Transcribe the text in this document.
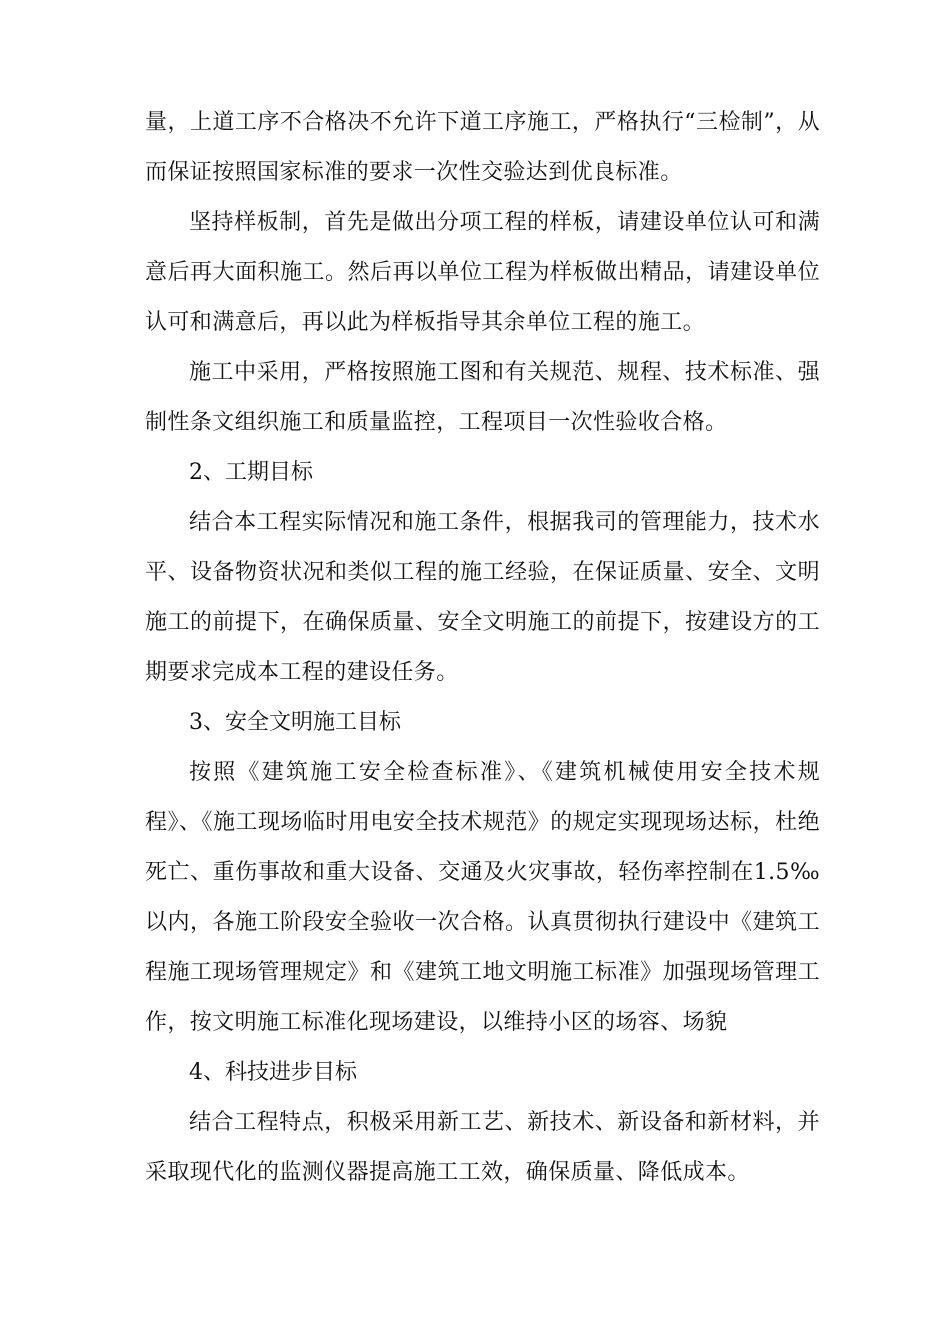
量，上道工序不合格决不允许下道工序施工，严格执行“三检制”，从而保证按照国家标准的要求一次性交验达到优良标准。

坚持样板制，首先是做出分项工程的样板，请建设单位认可和满意后再大面积施工。然后再以单位工程为样板做出精品，请建设单位认可和满意后，再以此为样板指导其余单位工程的施工。

施工中采用，严格按照施工图和有关规范、规程、技术标准、强制性条文组织施工和质量监控，工程项目一次性验收合格。

2、工期目标

结合本工程实际情况和施工条件，根据我司的管理能力，技术水平、设备物资状况和类似工程的施工经验，在保证质量、安全、文明施工的前提下，在确保质量、安全文明施工的前提下，按建设方的工期要求完成本工程的建设任务。

3、安全文明施工目标

按照《建筑施工安全检查标准》、《建筑机械使用安全技术规程》、《施工现场临时用电安全技术规范》的规定实现现场达标，杜绝死亡、重伤事故和重大设备、交通及火灾事故，轻伤率控制在1.5‰以内，各施工阶段安全验收一次合格。认真贯彻执行建设中《建筑工程施工现场管理规定》和《建筑工地文明施工标准》加强现场管理工作，按文明施工标准化现场建设，以维持小区的场容、场貌

4、科技进步目标

结合工程特点，积极采用新工艺、新技术、新设备和新材料，并采取现代化的监测仪器提高施工工效，确保质量、降低成本。
